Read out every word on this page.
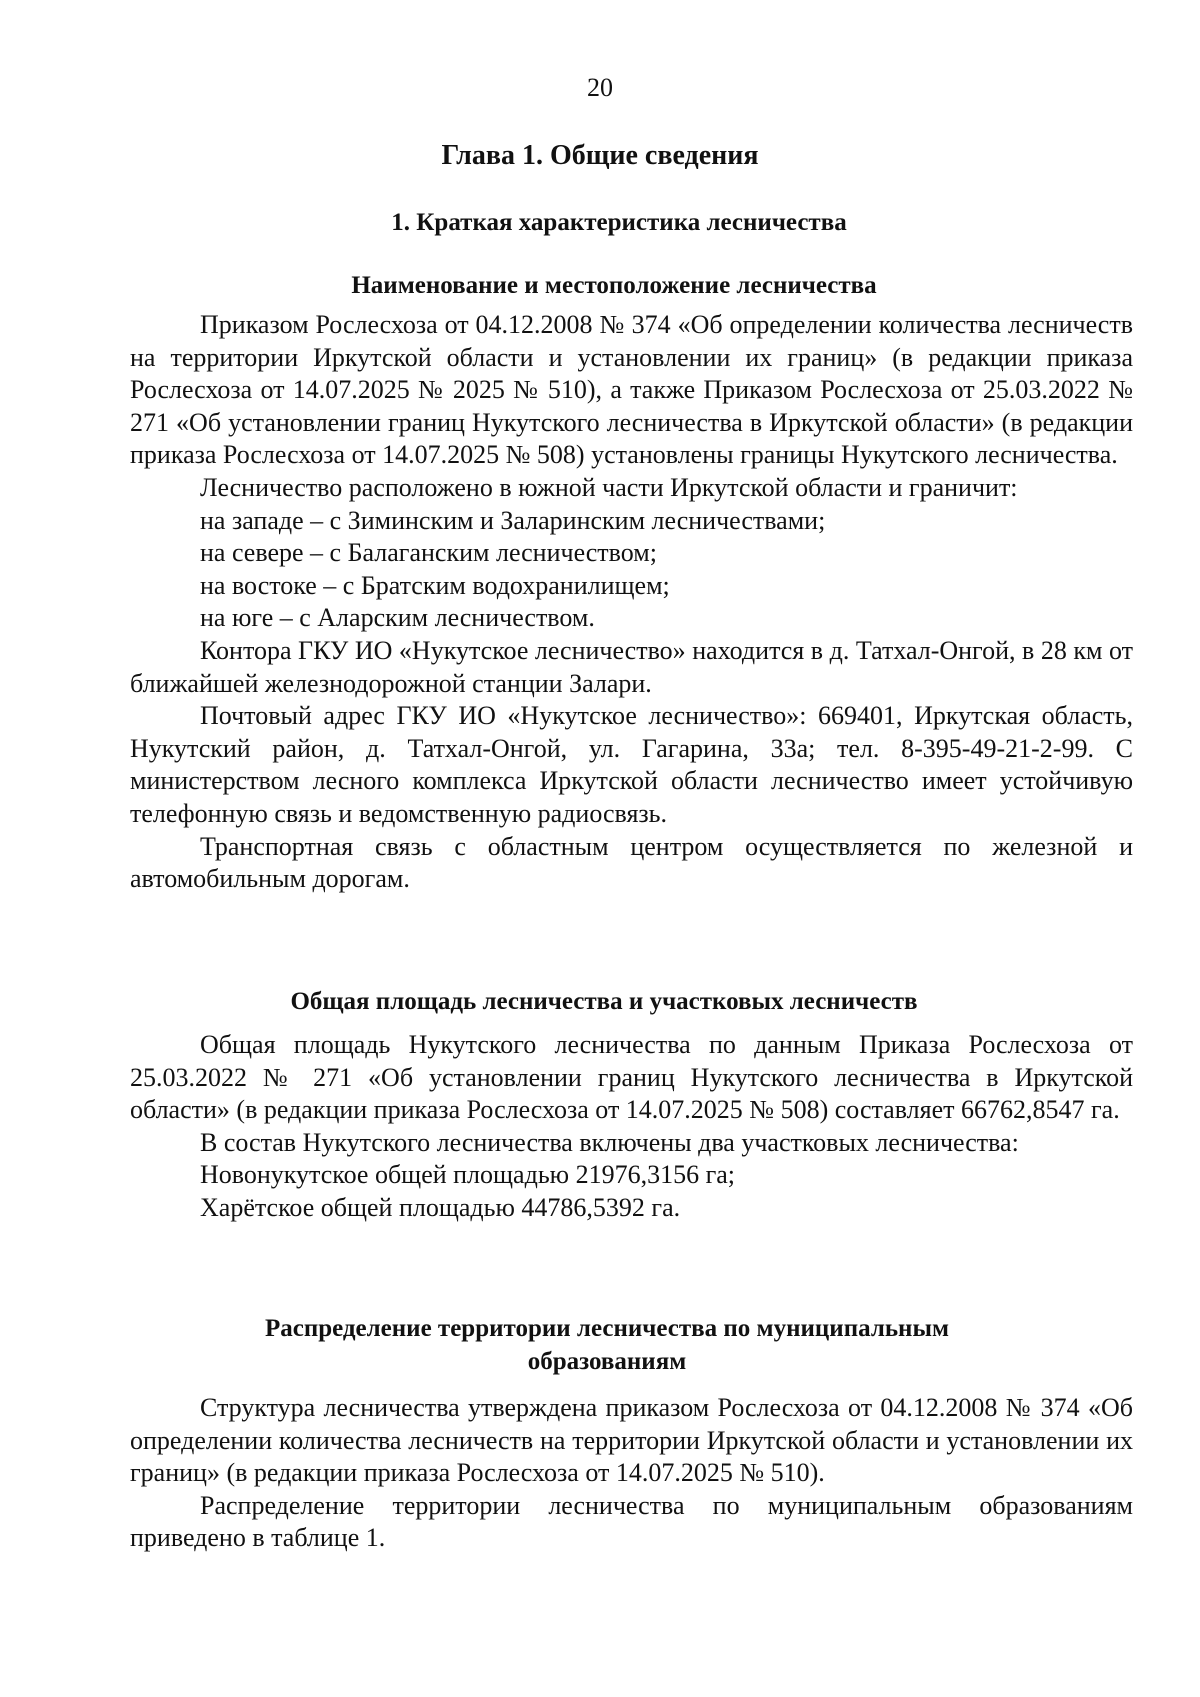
20
Глава 1. Общие сведения
1. Краткая характеристика лесничества
Наименование и местоположение лесничества

Приказом Рослесхоза от 04.12.2008 № 374 «Об определении количества лесничеств на территории Иркутской области и установлении их границ» (в редакции приказа Рослесхоза от 14.07.2025 № 2025 № 510), а также Приказом Рослесхоза от 25.03.2022 № 271 «Об установлении границ Нукутского лесничества в Иркутской области» (в редакции приказа Рослесхоза от 14.07.2025 № 508) установлены границы Нукутского лесничества.

Лесничество расположено в южной части Иркутской области и граничит:

на западе – с Зиминским и Заларинским лесничествами;

на севере – с Балаганским лесничеством;

на востоке – с Братским водохранилищем;

на юге – с Аларским лесничеством.

Контора ГКУ ИО «Нукутское лесничество» находится в д. Татхал-Онгой, в 28 км от ближайшей железнодорожной станции Залари.

Почтовый адрес ГКУ ИО «Нукутское лесничество»: 669401, Иркутская область, Нукутский район, д. Татхал-Онгой, ул. Гагарина, 33а; тел. 8-395-49-21-2-99. С министерством лесного комплекса Иркутской области лесничество имеет устойчивую телефонную связь и ведомственную радиосвязь.

Транспортная связь с областным центром осуществляется по железной и автомобильным дорогам.

Общая площадь лесничества и участковых лесничеств

Общая площадь Нукутского лесничества по данным Приказа Рослесхоза от 25.03.2022 № 271 «Об установлении границ Нукутского лесничества в Иркутской области» (в редакции приказа Рослесхоза от 14.07.2025 № 508) составляет 66762,8547 га.

В состав Нукутского лесничества включены два участковых лесничества:

Новонукутское общей площадью 21976,3156 га;

Харётское общей площадью 44786,5392 га.

Распределение территории лесничества по муниципальным
образованиям

Структура лесничества утверждена приказом Рослесхоза от 04.12.2008 № 374 «Об определении количества лесничеств на территории Иркутской области и установлении их границ» (в редакции приказа Рослесхоза от 14.07.2025 № 510).

Распределение территории лесничества по муниципальным образованиям приведено в таблице 1.
